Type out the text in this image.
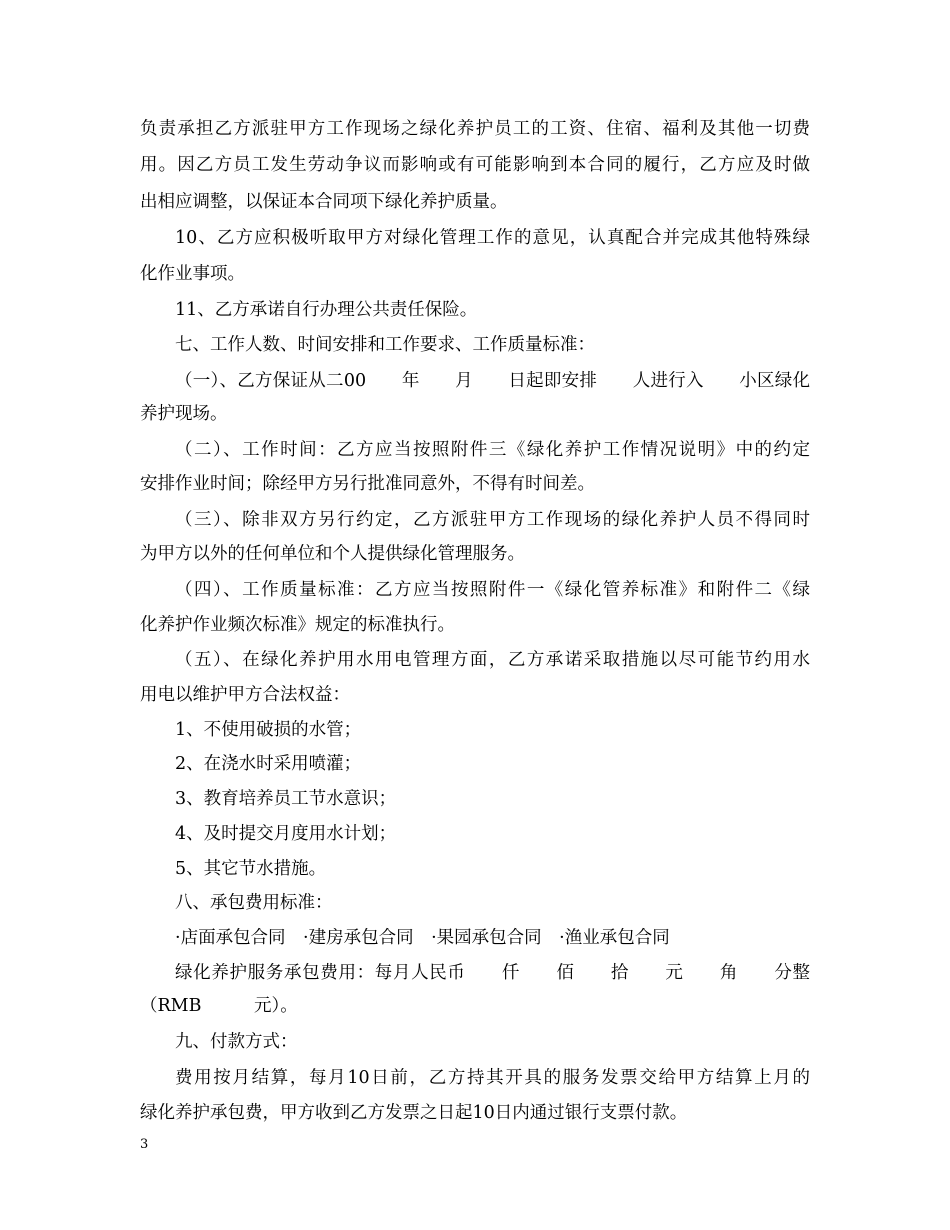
负责承担乙方派驻甲方工作现场之绿化养护员工的工资、住宿、福利及其他一切费
用。因乙方员工发生劳动争议而影响或有可能影响到本合同的履行，乙方应及时做
出相应调整，以保证本合同项下绿化养护质量。
10、乙方应积极听取甲方对绿化管理工作的意见，认真配合并完成其他特殊绿
化作业事项。
11、乙方承诺自行办理公共责任保险。
七、工作人数、时间安排和工作要求、工作质量标准：
（一）、乙方保证从二00　　年　　月　　日起即安排　　人进行入　　小区绿化
养护现场。
（二）、工作时间：乙方应当按照附件三《绿化养护工作情况说明》中的约定
安排作业时间；除经甲方另行批准同意外，不得有时间差。
（三）、除非双方另行约定，乙方派驻甲方工作现场的绿化养护人员不得同时
为甲方以外的任何单位和个人提供绿化管理服务。
（四）、工作质量标准：乙方应当按照附件一《绿化管养标准》和附件二《绿
化养护作业频次标准》规定的标准执行。
（五）、在绿化养护用水用电管理方面，乙方承诺采取措施以尽可能节约用水
用电以维护甲方合法权益：
1、不使用破损的水管；
2、在浇水时采用喷灌；
3、教育培养员工节水意识；
4、及时提交月度用水计划；
5、其它节水措施。
八、承包费用标准：
·店面承包合同　·建房承包合同　·果园承包合同　·渔业承包合同
绿化养护服务承包费用：每月人民币　　仟　　佰　　拾　　元　　角　　分整
（RMB　　　元）。
九、付款方式：
费用按月结算，每月10日前，乙方持其开具的服务发票交给甲方结算上月的
绿化养护承包费，甲方收到乙方发票之日起10日内通过银行支票付款。
3
